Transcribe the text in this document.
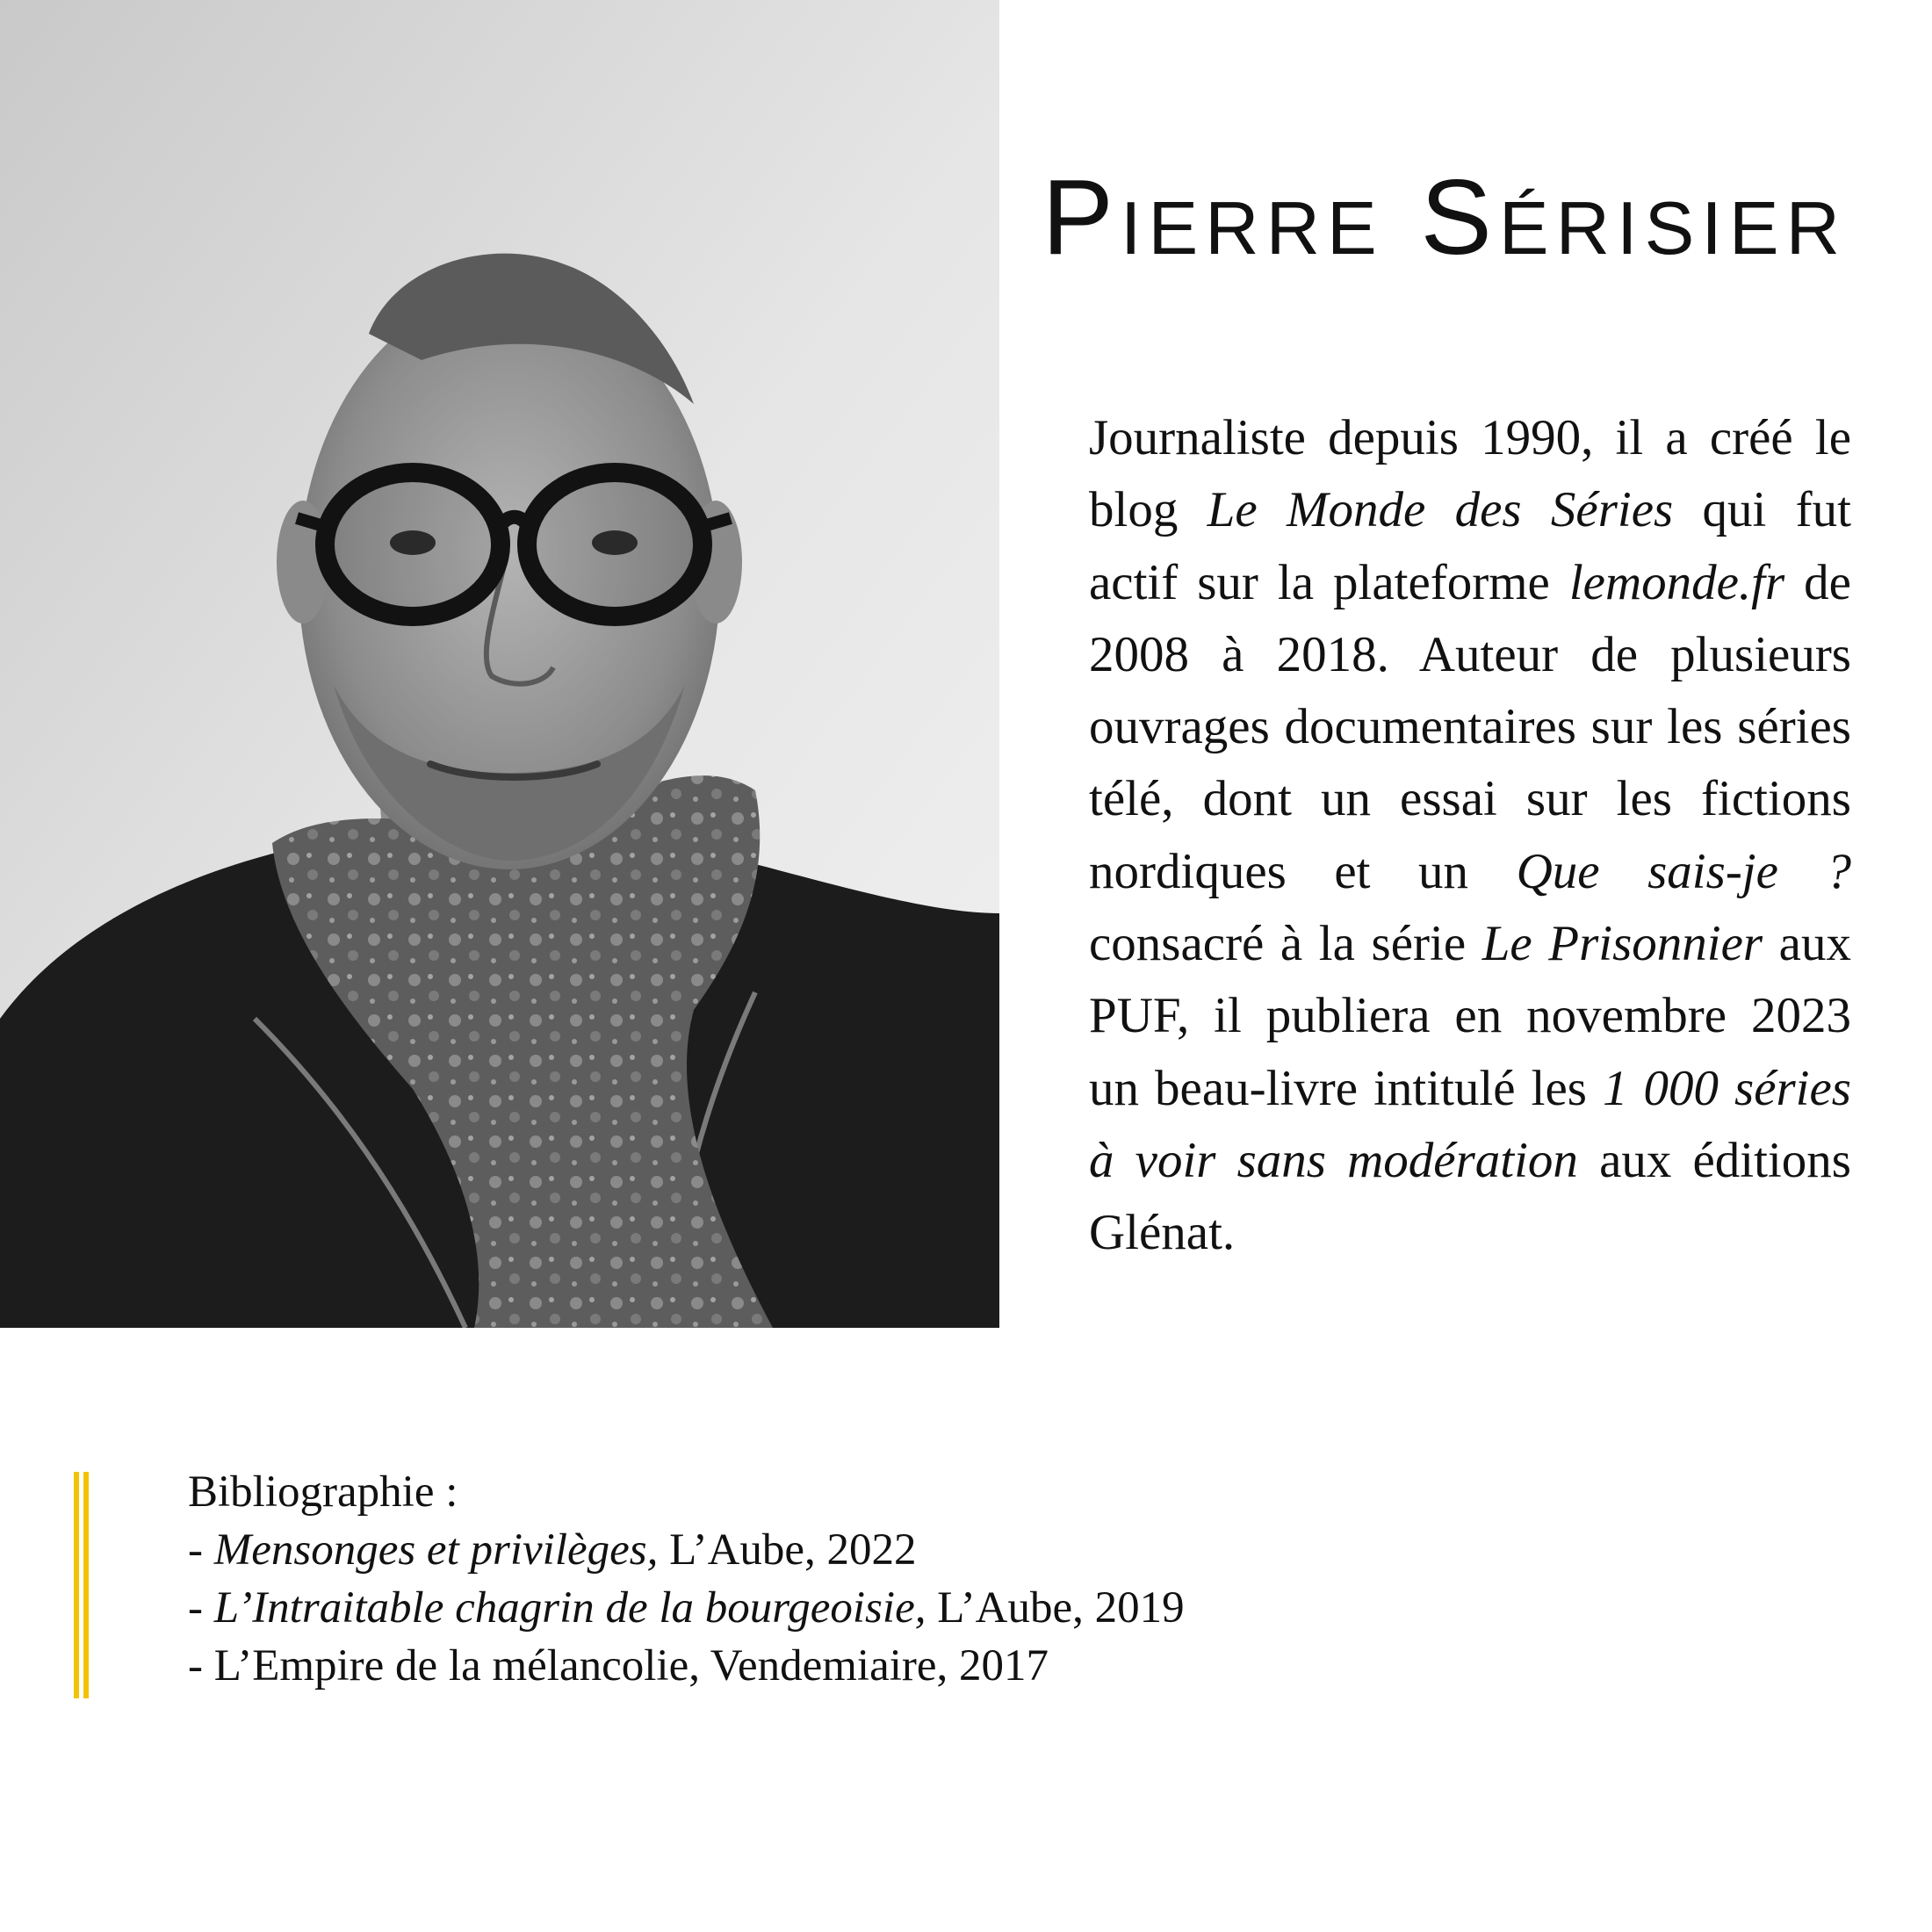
Pierre Sérisier

Journaliste depuis 1990, il a créé le blog Le Monde des Séries qui fut actif sur la plateforme lemonde.fr de 2008 à 2018. Auteur de plusieurs ouvrages documentaires sur les séries télé, dont un essai sur les fictions nordiques et un Que sais-je ? consacré à la série Le Prisonnier aux PUF, il publiera en novembre 2023 un beau-livre intitulé les 1 000 séries à voir sans modération aux éditions Glénat.

Bibliographie :
- Mensonges et privilèges, L’Aube, 2022
- L’Intraitable chagrin de la bourgeoisie, L’Aube, 2019
- L’Empire de la mélancolie, Vendemiaire, 2017
